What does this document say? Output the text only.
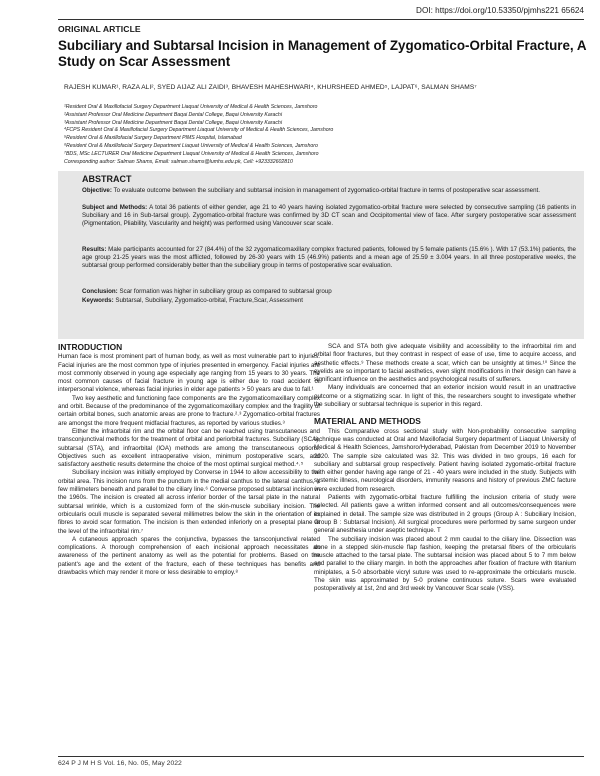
DOI: https://doi.org/10.53350/pjmhs221 65624
ORIGINAL ARTICLE
Subciliary and Subtarsal Incision in Management of Zygomatico-Orbital Fracture, A Study on Scar Assessment

RAJESH KUMAR¹, RAZA ALI², SYED AIJAZ ALI ZAIDI³, BHAVESH MAHESHWARI⁴, KHURSHEED AHMED⁵, LAJPAT⁶, SALMAN SHAMS⁷

¹Resident Oral & Maxillofacial Surgery Department Liaquat University of Medical & Health Sciences, Jamshoro
²Assistant Professor Oral Medicine Department Baqai Dental College, Baqai University Karachi
³Assistant Professor Oral Medicine Department Baqai Dental College, Baqai University Karachi
⁴FCPS Resident Oral & Maxillofacial Surgery Department Liaquat University of Medical & Health Sciences, Jamshoro
⁵Resident Oral & Maxillofacial Surgery Department PIMS Hospital, Islamabad
⁶Resident Oral & Maxillofacial Surgery Department Liaquat University of Medical & Health Sciences, Jamshoro
⁷BDS, MSc LECTURER Oral Medicine Department Liaquat University of Medical & Health Sciences, Jamshoro
Corresponding author: Salman Shams, Email: salman.shams@lumhs.edu.pk, Cell: +923332602810
ABSTRACT

Objective: To evaluate outcome between the subciliary and subtarsal incision in management of zygomatico-orbital fracture in terms of postoperative scar assessment.

Subject and Methods: A total 36 patients of either gender, age 21 to 40 years having isolated zygomatico-orbital fracture were selected by consecutive sampling (16 patients in Subciliary and 16 in Sub-tarsal group). Zygomatico-orbital fracture was confirmed by 3D CT scan and Occipitomental view of face. After surgery postoperative scar assessment (Pigmentation, Pliability, Vascularity and height) was performed using Vancouver scar scale.

Results: Male participants accounted for 27 (84.4%) of the 32 zygomaticomaxillary complex fractured patients, followed by 5 female patients (15.6% ). With 17 (53.1%) patients, the age group 21-25 years was the most afflicted, followed by 26-30 years with 15 (46.9%) patients and a mean age of 25.59 ± 3.004 years. In all three postoperative weeks, the subtarsal group performed considerably better than the subciliary group in terms of postoperative scar evaluation.

Conclusion: Scar formation was higher in subciliary group as compared to subtarsal group

Keywords: Subtarsal, Subciliary, Zygomatico-orbital, Fracture,Scar, Assessment

INTRODUCTION

Human face is most prominent part of human body, as well as most vulnerable part to injuries. Facial injuries are the most common type of injuries presented in emergency. Facial injuries are most commonly observed in young age especially age ranging from 15 years to 30 years. The most common causes of facial fracture in young age is either due to road accident or interpersonal violence, whereas facial injuries in elder age patients > 50 years are due to fall.¹

Two key aesthetic and functioning face components are the zygomaticomaxillary complex and orbit. Because of the predominance of the zygomaticomaxillary complex and the fragility of certain orbital bones, such anatomic areas are prone to fracture.²˒³ Zygomatico-orbital fractures are amongst the more frequent midfacial fractures, as reported by various studies.³

Either the infraorbital rim and the orbital floor can be reached using transcutaneous and transconjunctival methods for the treatment of orbital and periorbital fractures. Subciliary (SCA), subtarsal (STA), and infraorbital (IOA) methods are among the transcutaneous options. Objectives such as excellent intraoperative vision, minimum postoperative scars, and satisfactory aesthetic results determine the choice of the most optimal surgical method.⁴˒⁵

Subciliary incision was initially employed by Converse in 1944 to allow accessibility to the orbital area. This incision runs from the punctum in the medial canthus to the lateral canthus, a few millimeters beneath and parallel to the ciliary line.⁶ Converse proposed subtarsal incision in the 1960s. The incision is created all across inferior border of the tarsal plate in the natural subtarsal wrinkle, which is a customized form of the skin-muscle subciliary incision. The orbicularis oculi muscle is separated several millimetres below the skin in the orientation of its fibres to avoid scar formation. The incision is then extended inferiorly on a preseptal plane at the level of the infraorbital rim.⁷

A cutaneous approach spares the conjunctiva, bypasses the tansconjunctival related complications. A thorough comprehension of each incisional approach necessitates an awareness of the pertinent anatomy as well as the potential for problems. Based on the patient's age and the extent of the fracture, each of these techniques has benefits and drawbacks which may render it more or less desirable to employ.⁸

SCA and STA both give adequate visibility and accessibility to the infraorbital rim and orbital floor fractures, but they contrast in respect of ease of use, time to acquire access, and aesthetic effects.⁹ These methods create a scar, which can be unsightly at times.¹⁰ Since the eyelids are so important to facial aesthetics, even slight modifications in their design can have a significant influence on the aesthetics and psychological results of sufferers.

Many individuals are concerned that an exterior incision would result in an unattractive outcome or a stigmatizing scar. In light of this, the researchers sought to investigate whether the subciliary or subtarsal technique is superior in this regard.

MATERIAL AND METHODS

This Comparative cross sectional study with Non-probability consecutive sampling technique was conducted at Oral and Maxillofacial Surgery department of Liaquat University of Medical & Health Sciences, Jamshoro/Hyderabad, Pakistan from December 2019 to November 2020. The sample size calculated was 32. This was divided in two groups, 16 each for subciliary and subtarsal group respectively. Patient having isolated zygomatic-orbital fracture with either gender having age range of 21 - 40 years were included in the study. Subjects with systemic illness, neurological disorders, immunity reasons and history of previous ZMC facture were excluded from research.

Patients with zygomatic-orbital fracture fulfilling the inclusion criteria of study were selected. All patients gave a written informed consent and all outcomes/consequences were explained in detail. The sample size was distributed in 2 groups (Group A : Subciliary Incision, Group B : Subtarsal Incision). All surgical procedures were performed by same surgeon under general anesthesia under aseptic technique. T

The subciliary incision was placed about 2 mm caudal to the ciliary line. Dissection was done in a stepped skin-muscle flap fashion, keeping the pretarsal fibers of the orbicularis muscle attached to the tarsal plate. The subtarsal incision was placed about 5 to 7 mm below and parallel to the ciliary margin. In both the approaches after fixation of fracture with titanium miniplates, a 5-0 absorbable vicryl suture was used to re-approximate the orbicularis muscle. The skin was approximated by 5-0 prolene continuous suture. Scars were evaluated postoperatively at 1st, 2nd and 3rd week by Vancouver Scar scale (VSS).

624 P J M H S Vol. 16, No. 05, May 2022
